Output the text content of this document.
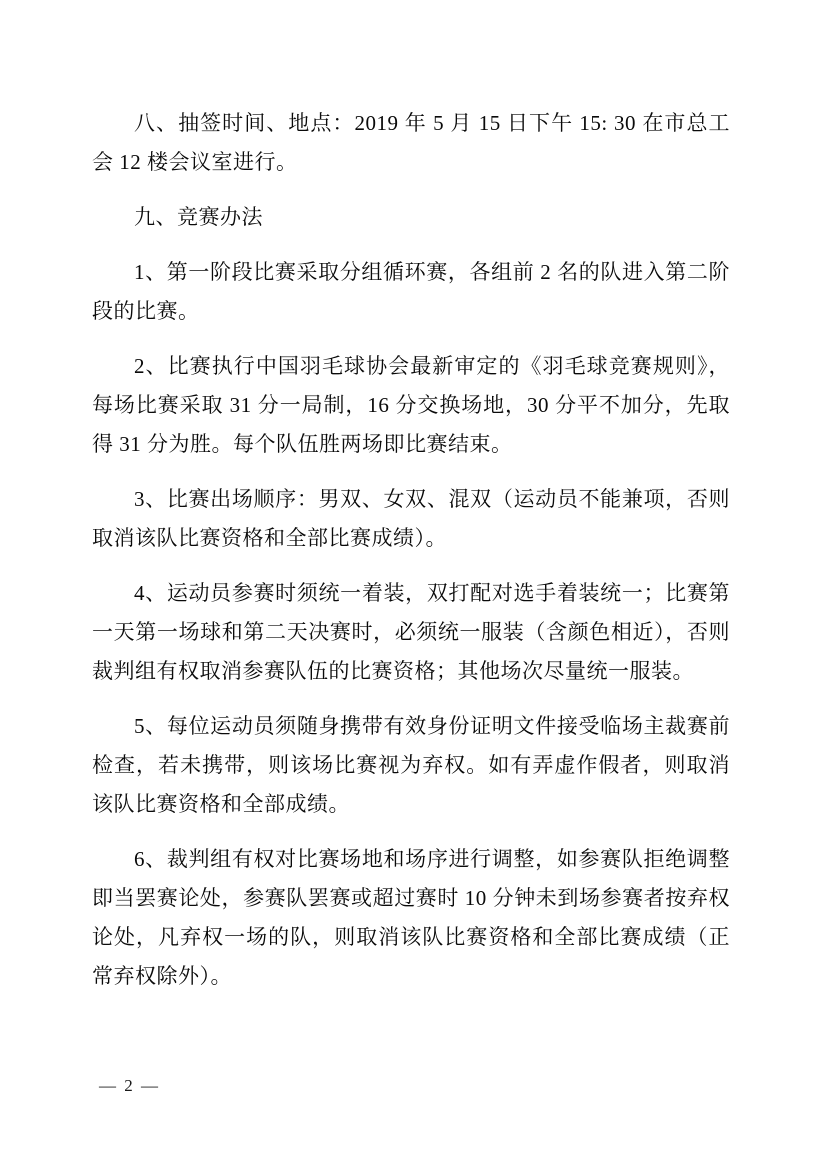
八、抽签时间、地点：2019 年 5 月 15 日下午 15: 30 在市总工会 12 楼会议室进行。

九、竞赛办法

1、第一阶段比赛采取分组循环赛，各组前 2 名的队进入第二阶段的比赛。

2、比赛执行中国羽毛球协会最新审定的《羽毛球竞赛规则》，每场比赛采取 31 分一局制，16 分交换场地，30 分平不加分，先取得 31 分为胜。每个队伍胜两场即比赛结束。

3、比赛出场顺序：男双、女双、混双（运动员不能兼项，否则取消该队比赛资格和全部比赛成绩）。

4、运动员参赛时须统一着装，双打配对选手着装统一；比赛第一天第一场球和第二天决赛时，必须统一服装（含颜色相近），否则裁判组有权取消参赛队伍的比赛资格；其他场次尽量统一服装。

5、每位运动员须随身携带有效身份证明文件接受临场主裁赛前检查，若未携带，则该场比赛视为弃权。如有弄虚作假者，则取消该队比赛资格和全部成绩。

6、裁判组有权对比赛场地和场序进行调整，如参赛队拒绝调整即当罢赛论处，参赛队罢赛或超过赛时 10 分钟未到场参赛者按弃权论处，凡弃权一场的队，则取消该队比赛资格和全部比赛成绩（正常弃权除外）。

— 2 —
